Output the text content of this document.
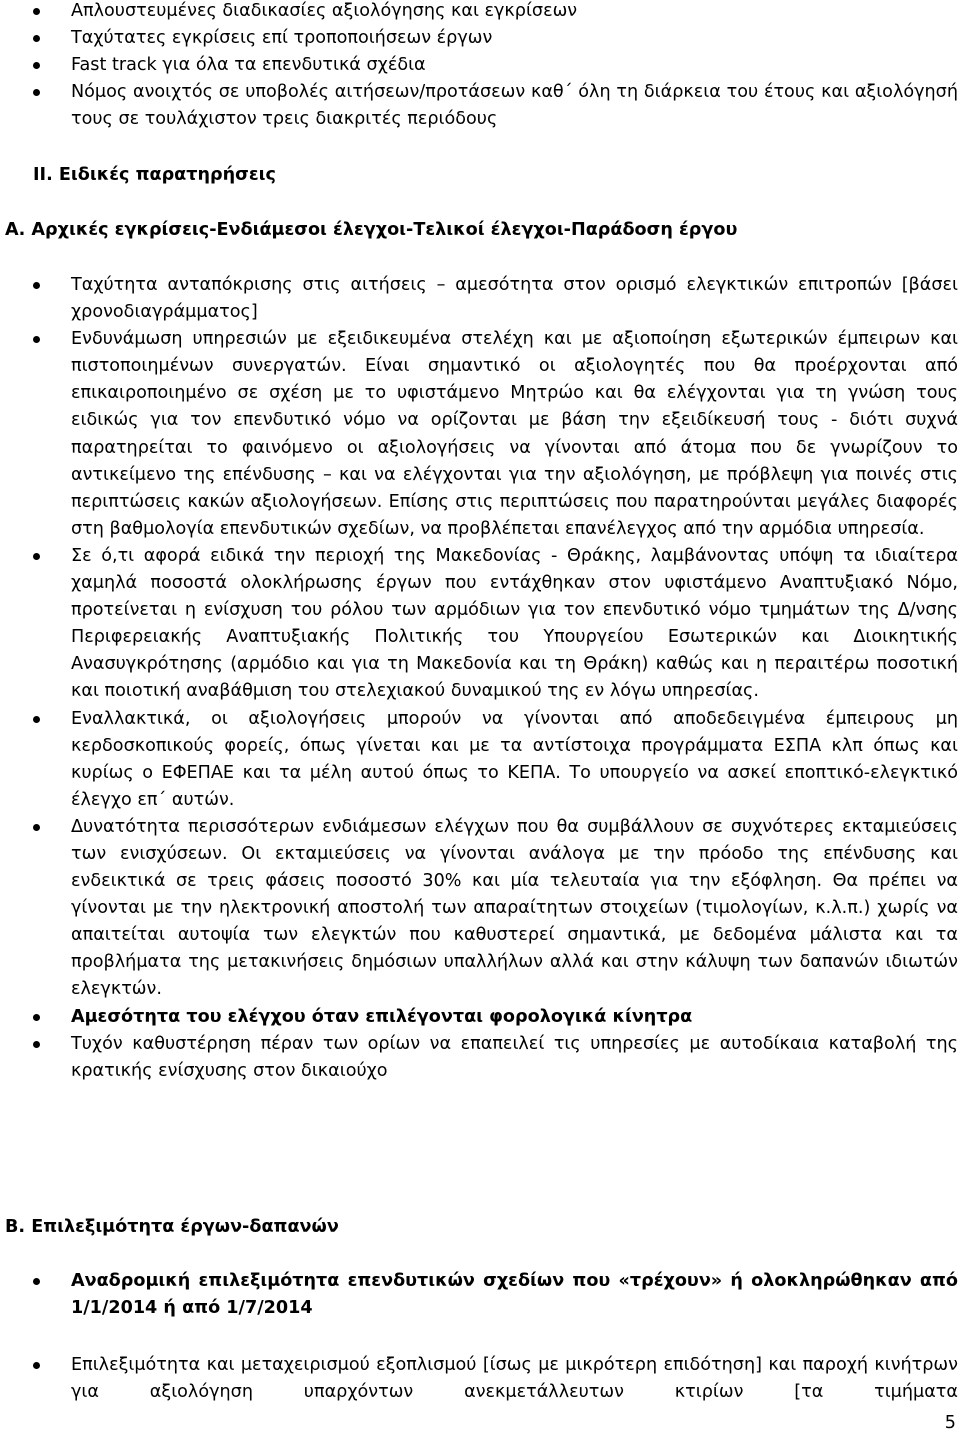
Απλουστευμένες διαδικασίες αξιολόγησης και εγκρίσεων
Ταχύτατες εγκρίσεις επί τροποποιήσεων έργων
Fast track για όλα τα επενδυτικά σχέδια
Νόμος ανοιχτός σε υποβολές αιτήσεων/προτάσεων καθ΄ όλη τη διάρκεια του έτους και αξιολόγησή τους σε τουλάχιστον τρεις διακριτές περιόδους
II. Ειδικές παρατηρήσεις
Α. Αρχικές εγκρίσεις-Ενδιάμεσοι έλεγχοι-Τελικοί έλεγχοι-Παράδοση έργου
Ταχύτητα ανταπόκρισης στις αιτήσεις – αμεσότητα στον ορισμό ελεγκτικών επιτροπών [βάσει χρονοδιαγράμματος]
Ενδυνάμωση υπηρεσιών με εξειδικευμένα στελέχη και με αξιοποίηση εξωτερικών έμπειρων και πιστοποιημένων συνεργατών. Είναι σημαντικό οι αξιολογητές που θα προέρχονται από επικαιροποιημένο σε σχέση με το υφιστάμενο Μητρώο και θα ελέγχονται για τη γνώση τους ειδικώς για τον επενδυτικό νόμο να ορίζονται με βάση την εξειδίκευσή τους - διότι συχνά παρατηρείται το φαινόμενο οι αξιολογήσεις να γίνονται από άτομα που δε γνωρίζουν το αντικείμενο της επένδυσης – και να ελέγχονται για την αξιολόγηση, με πρόβλεψη για ποινές στις περιπτώσεις κακών αξιολογήσεων. Επίσης στις περιπτώσεις που παρατηρούνται μεγάλες διαφορές στη βαθμολογία επενδυτικών σχεδίων, να προβλέπεται επανέλεγχος από την αρμόδια υπηρεσία.
Σε ό,τι αφορά ειδικά την περιοχή της Μακεδονίας - Θράκης, λαμβάνοντας υπόψη τα ιδιαίτερα χαμηλά ποσοστά ολοκλήρωσης έργων που εντάχθηκαν στον υφιστάμενο Αναπτυξιακό Νόμο, προτείνεται η ενίσχυση του ρόλου των αρμόδιων για τον επενδυτικό νόμο τμημάτων της Δ/νσης Περιφερειακής Αναπτυξιακής Πολιτικής του Υπουργείου Εσωτερικών και Διοικητικής Ανασυγκρότησης (αρμόδιο και για τη Μακεδονία και τη Θράκη) καθώς και η περαιτέρω ποσοτική και ποιοτική αναβάθμιση του στελεχιακού δυναμικού της εν λόγω υπηρεσίας.
Εναλλακτικά, οι αξιολογήσεις μπορούν να γίνονται από αποδεδειγμένα έμπειρους μη κερδοσκοπικούς φορείς, όπως γίνεται και με τα αντίστοιχα προγράμματα ΕΣΠΑ κλπ όπως και κυρίως ο ΕΦΕΠΑΕ και τα μέλη αυτού όπως το ΚΕΠΑ. Το υπουργείο να ασκεί εποπτικό-ελεγκτικό έλεγχο επ΄ αυτών.
Δυνατότητα περισσότερων ενδιάμεσων ελέγχων που θα συμβάλλουν σε συχνότερες εκταμιεύσεις των ενισχύσεων. Οι εκταμιεύσεις να γίνονται ανάλογα με την πρόοδο της επένδυσης και ενδεικτικά σε τρεις φάσεις ποσοστό 30% και μία τελευταία για την εξόφληση. Θα πρέπει να γίνονται με την ηλεκτρονική αποστολή των απαραίτητων στοιχείων (τιμολογίων, κ.λ.π.) χωρίς να απαιτείται αυτοψία των ελεγκτών που καθυστερεί σημαντικά, με δεδομένα μάλιστα και τα προβλήματα της μετακινήσεις δημόσιων υπαλλήλων αλλά και στην κάλυψη των δαπανών ιδιωτών ελεγκτών.
Αμεσότητα του ελέγχου όταν επιλέγονται φορολογικά κίνητρα
Τυχόν καθυστέρηση πέραν των ορίων να επαπειλεί τις υπηρεσίες με αυτοδίκαια καταβολή της κρατικής ενίσχυσης στον δικαιούχο
Β. Επιλεξιμότητα έργων-δαπανών
Αναδρομική επιλεξιμότητα επενδυτικών σχεδίων που «τρέχουν» ή ολοκληρώθηκαν από 1/1/2014 ή από 1/7/2014
Επιλεξιμότητα και μεταχειρισμού εξοπλισμού [ίσως με μικρότερη επιδότηση] και παροχή κινήτρων για αξιολόγηση υπαρχόντων ανεκμετάλλευτων κτιρίων [τα τιμήματα
5
